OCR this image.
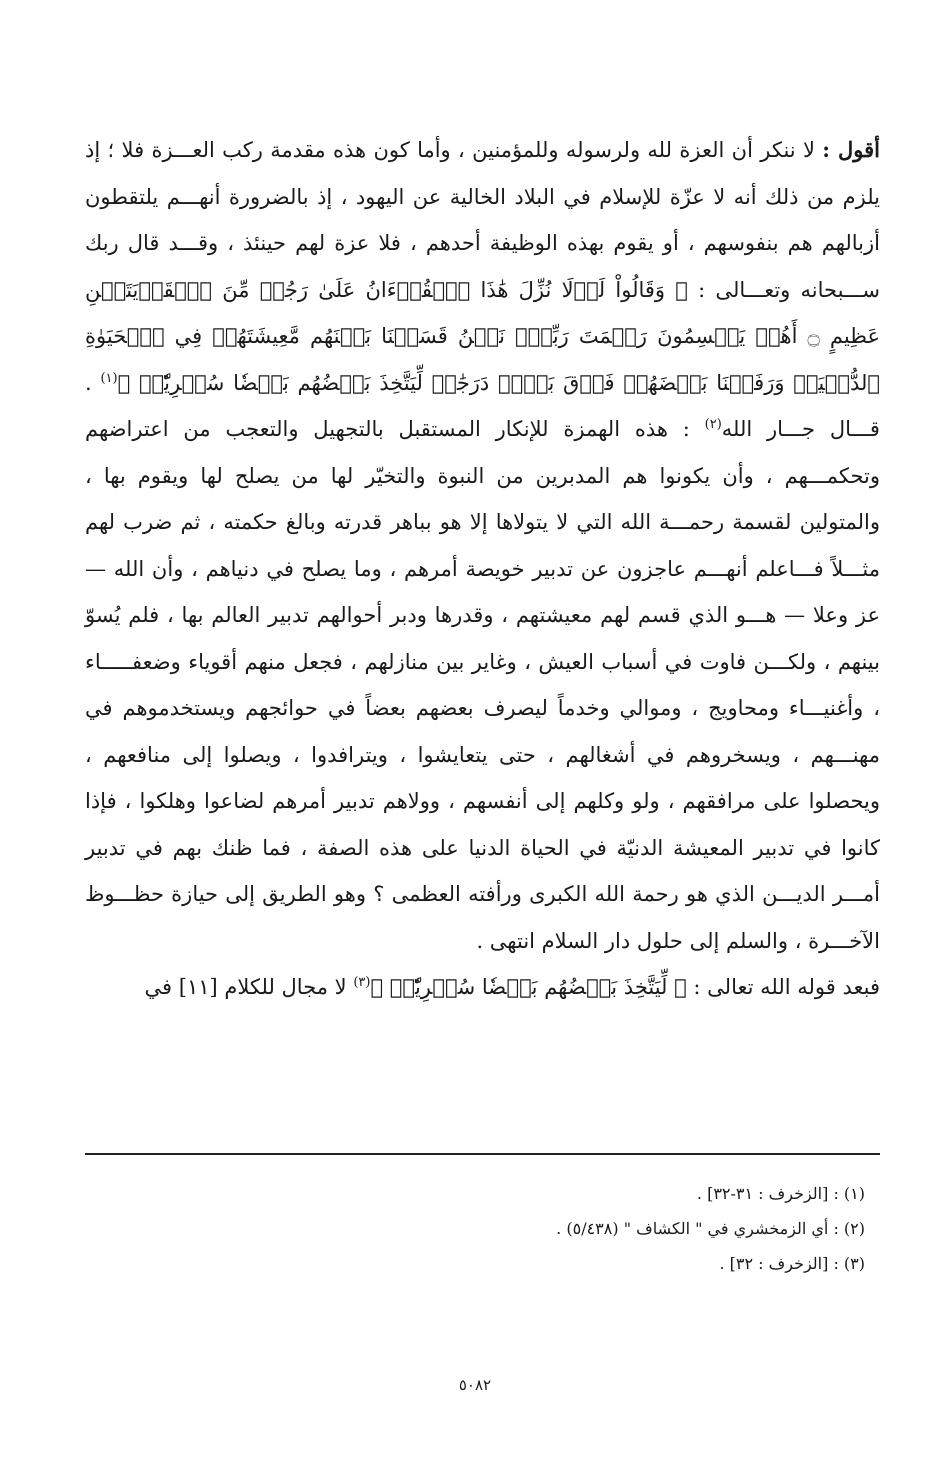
أقول : لا ننكر أن العزة لله ولرسوله وللمؤمنين ، وأما كون هذه مقدمة ركب العـــزة فلا ؛ إذ يلزم من ذلك أنه لا عزّة للإسلام في البلاد الخالية عن اليهود ، إذ بالضرورة أنهـــم يلتقطون أزبالهم هم بنفوسهم ، أو يقوم بهذه الوظيفة أحدهم ، فلا عزة لهم حينئذ ، وقـــد قال ربك ســـبحانه وتعـــالى : ﴿ وَقَالُواْ لَوۡلَا نُزِّلَ هَٰذَا ٱلۡقُرۡءَانُ عَلَىٰ رَجُلٖ مِّنَ ٱلۡقَرۡيَتَيۡنِ عَظِيمٍ ۝ أَهُمۡ يَقۡسِمُونَ رَحۡمَتَ رَبِّكَۚ نَحۡنُ قَسَمۡنَا بَيۡنَهُم مَّعِيشَتَهُمۡ فِي ٱلۡحَيَوٰةِ ٱلدُّنۡيَاۚ وَرَفَعۡنَا بَعۡضَهُمۡ فَوۡقَ بَعۡضٖ دَرَجَٰتٖ لِّيَتَّخِذَ بَعۡضُهُم بَعۡضٗا سُخۡرِيّٗاۗ ﴾$^{(١)}$ . قـــال جـــار الله$^{(٢)}$ : هذه الهمزة للإنكار المستقبل بالتجهيل والتعجب من اعتراضهم وتحكمـــهم ، وأن يكونوا هم المدبرين من النبوة والتخيّر لها من يصلح لها ويقوم بها ، والمتولين لقسمة رحمـــة الله التي لا يتولاها إلا هو بباهر قدرته وبالغ حكمته ، ثم ضرب لهم مثـــلاً فـــاعلم أنهـــم عاجزون عن تدبير خويصة أمرهم ، وما يصلح في دنياهم ، وأن الله — عز وعلا — هـــو الذي قسم لهم معيشتهم ، وقدرها ودبر أحوالهم تدبير العالم بها ، فلم يُسوّ بينهم ، ولكـــن فاوت في أسباب العيش ، وغاير بين منازلهم ، فجعل منهم أقوياء وضعفـــــاء ، وأغنيـــاء ومحاويج ، وموالي وخدماً ليصرف بعضهم بعضاً في حوائجهم ويستخدموهم في مهنـــهم ، ويسخروهم في أشغالهم ، حتى يتعايشوا ، ويترافدوا ، ويصلوا إلى منافعهم ، ويحصلوا على مرافقهم ، ولو وكلهم إلى أنفسهم ، وولاهم تدبير أمرهم لضاعوا وهلكوا ، فإذا كانوا في تدبير المعيشة الدنيّة في الحياة الدنيا على هذه الصفة ، فما ظنك بهم في تدبير أمـــر الديـــن الذي هو رحمة الله الكبرى ورأفته العظمى ؟ وهو الطريق إلى حيازة حظـــوظ الآخـــرة ، والسلم إلى حلول دار السلام انتهى .

فبعد قوله الله تعالى : ﴿ لِّيَتَّخِذَ بَعۡضُهُم بَعۡضٗا سُخۡرِيّٗاۗ ﴾$^{(٣)}$ لا مجال للكلام [١١] في

(١) : [الزخرف : ٣١-٣٢] .
(٢) : أي الزمخشري في " الكشاف " (٥/٤٣٨) .
(٣) : [الزخرف : ٣٢] .
٥٠٨٢
